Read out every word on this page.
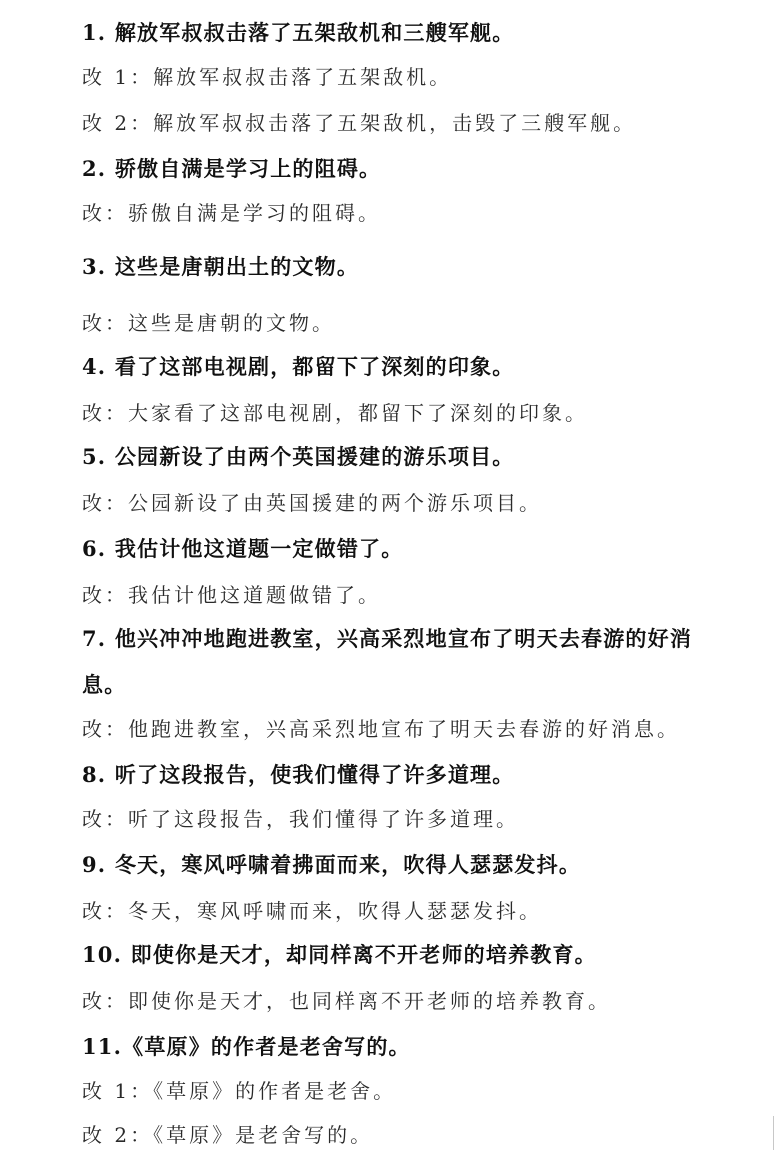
1. 解放军叔叔击落了五架敌机和三艘军舰。
改 1：解放军叔叔击落了五架敌机。
改 2：解放军叔叔击落了五架敌机，击毁了三艘军舰。
2. 骄傲自满是学习上的阻碍。
改：骄傲自满是学习的阻碍。
3. 这些是唐朝出土的文物。
改：这些是唐朝的文物。
4. 看了这部电视剧，都留下了深刻的印象。
改：大家看了这部电视剧，都留下了深刻的印象。
5. 公园新设了由两个英国援建的游乐项目。
改：公园新设了由英国援建的两个游乐项目。
6. 我估计他这道题一定做错了。
改：我估计他这道题做错了。
7. 他兴冲冲地跑进教室，兴高采烈地宣布了明天去春游的好消
息。
改：他跑进教室，兴高采烈地宣布了明天去春游的好消息。
8. 听了这段报告，使我们懂得了许多道理。
改：听了这段报告，我们懂得了许多道理。
9. 冬天，寒风呼啸着拂面而来，吹得人瑟瑟发抖。
改：冬天，寒风呼啸而来，吹得人瑟瑟发抖。
10. 即使你是天才，却同样离不开老师的培养教育。
改：即使你是天才，也同样离不开老师的培养教育。
11.《草原》的作者是老舍写的。
改 1：《草原》的作者是老舍。
改 2：《草原》是老舍写的。
